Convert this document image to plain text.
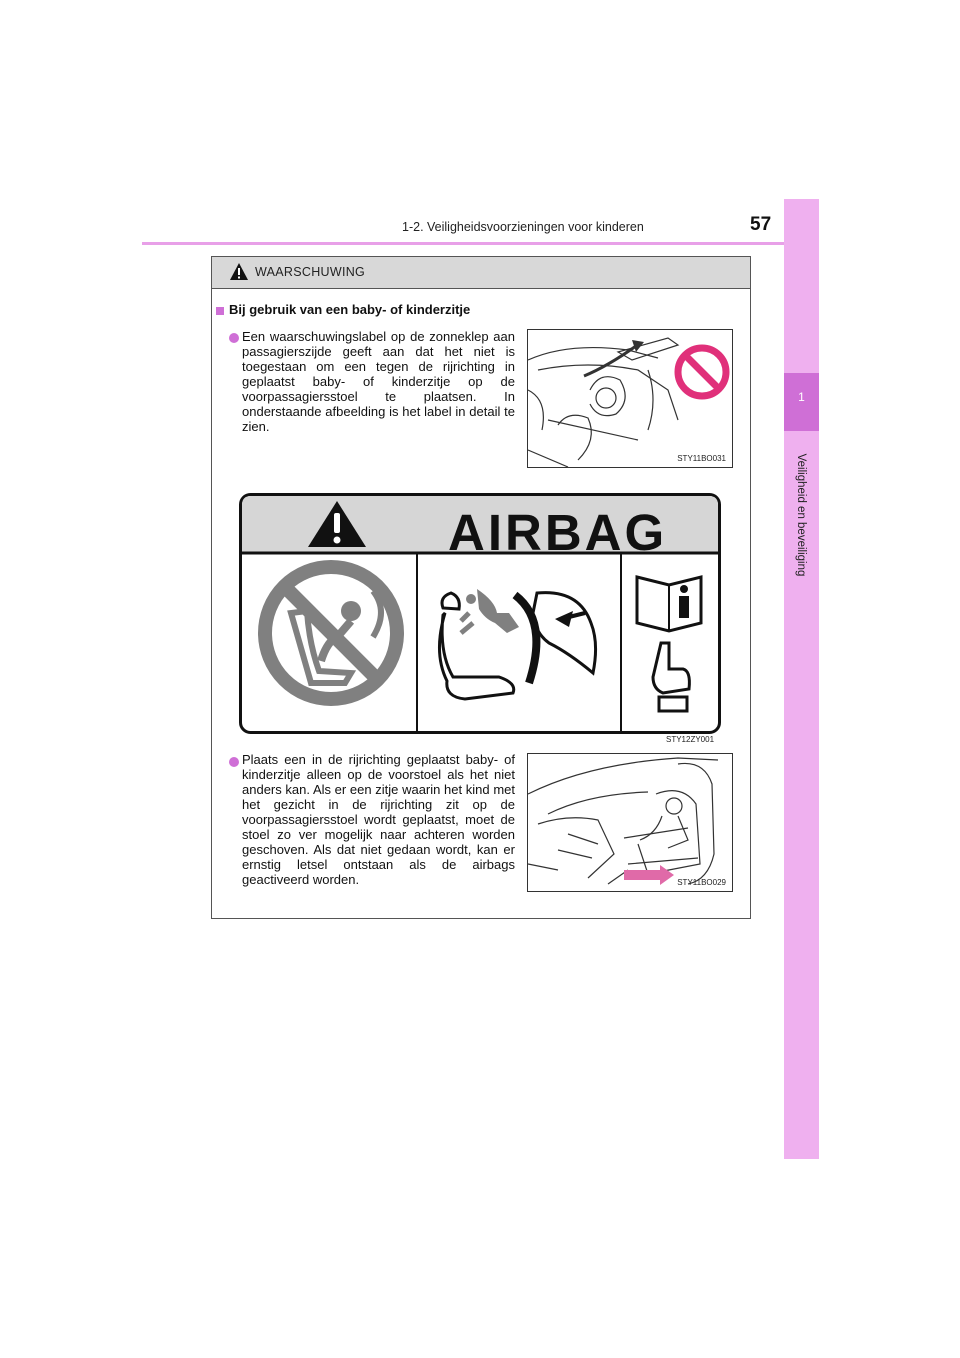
1-2. Veiligheidsvoorzieningen voor kinderen	57
1
Veiligheid en beveiliging
WAARSCHUWING
Bij gebruik van een baby- of kinderzitje
Een waarschuwingslabel op de zonneklep aan passagierszijde geeft aan dat het niet is toegestaan om een tegen de rijrichting in geplaatst baby- of kinderzitje op de voorpassagiersstoel te plaatsen. In onderstaande afbeelding is het label in detail te zien.
STY11BO031
AIRBAG
STY12ZY001
Plaats een in de rijrichting geplaatst baby- of kinderzitje alleen op de voorstoel als het niet anders kan. Als er een zitje waarin het kind met het gezicht in de rijrichting zit op de voorpassagiersstoel wordt geplaatst, moet de stoel zo ver mogelijk naar achteren worden geschoven. Als dat niet gedaan wordt, kan er ernstig letsel ontstaan als de airbags geactiveerd worden.	STY11BO029
